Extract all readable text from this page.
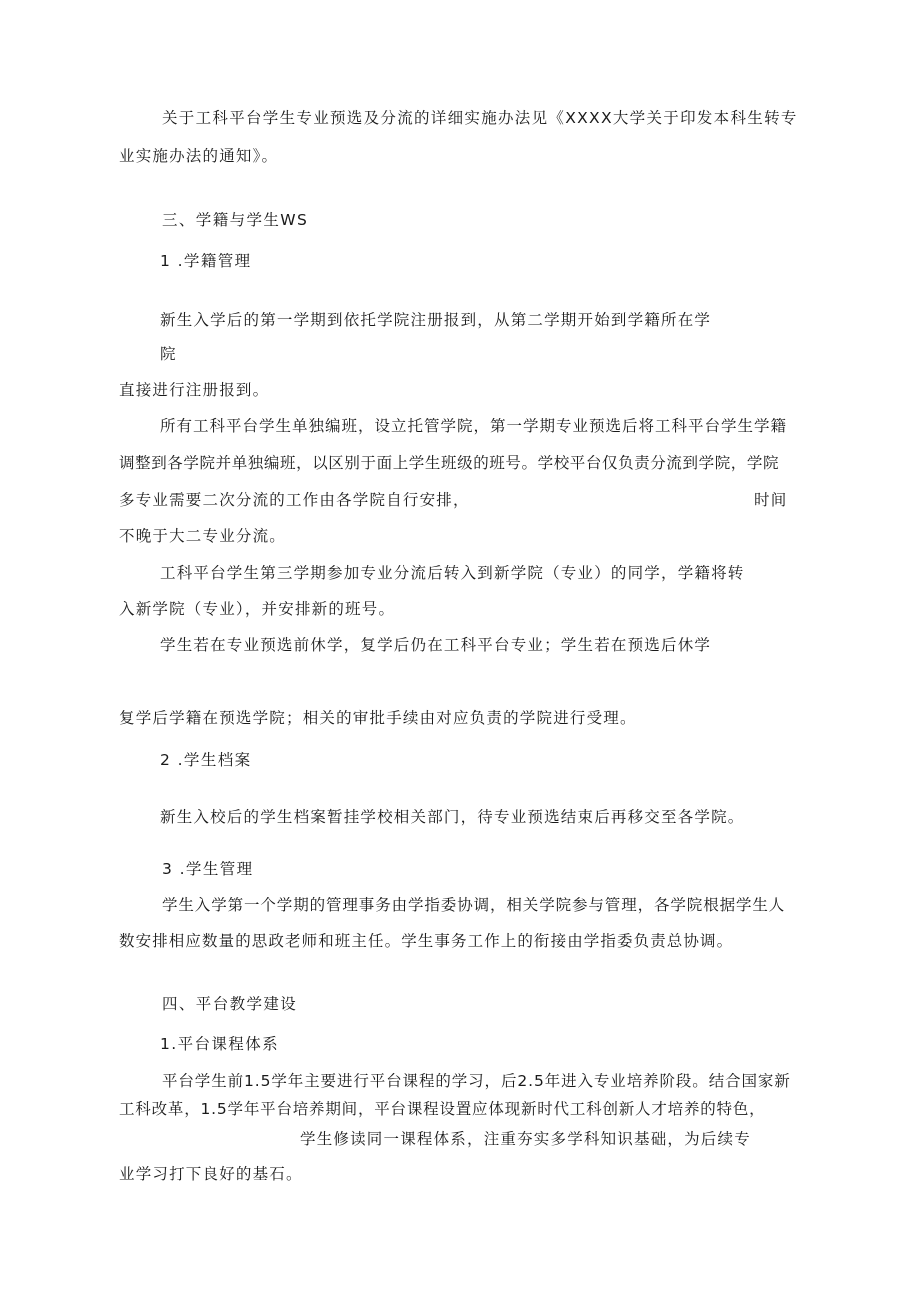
关于工科平台学生专业预选及分流的详细实施办法见《XXXX大学关于印发本科生转专
业实施办法的通知》。
三、学籍与学生WS
1 .学籍管理
新生入学后的第一学期到依托学院注册报到，从第二学期开始到学籍所在学
院
直接进行注册报到。
所有工科平台学生单独编班，设立托管学院，第一学期专业预选后将工科平台学生学籍
调整到各学院并单独编班，以区别于面上学生班级的班号。学校平台仅负责分流到学院，学院
多专业需要二次分流的工作由各学院自行安排，	时间
不晚于大二专业分流。
工科平台学生第三学期参加专业分流后转入到新学院（专业）的同学，学籍将转
入新学院（专业），并安排新的班号。
学生若在专业预选前休学，复学后仍在工科平台专业；学生若在预选后休学
复学后学籍在预选学院；相关的审批手续由对应负责的学院进行受理。
2 .学生档案
新生入校后的学生档案暂挂学校相关部门，待专业预选结束后再移交至各学院。
3 .学生管理
学生入学第一个学期的管理事务由学指委协调，相关学院参与管理，各学院根据学生人
数安排相应数量的思政老师和班主任。学生事务工作上的衔接由学指委负责总协调。
四、平台教学建设
1.平台课程体系
平台学生前1.5学年主要进行平台课程的学习，后2.5年进入专业培养阶段。结合国家新
工科改革，1.5学年平台培养期间，平台课程设置应体现新时代工科创新人才培养的特色，
学生修读同一课程体系，注重夯实多学科知识基础，为后续专
业学习打下良好的基石。
